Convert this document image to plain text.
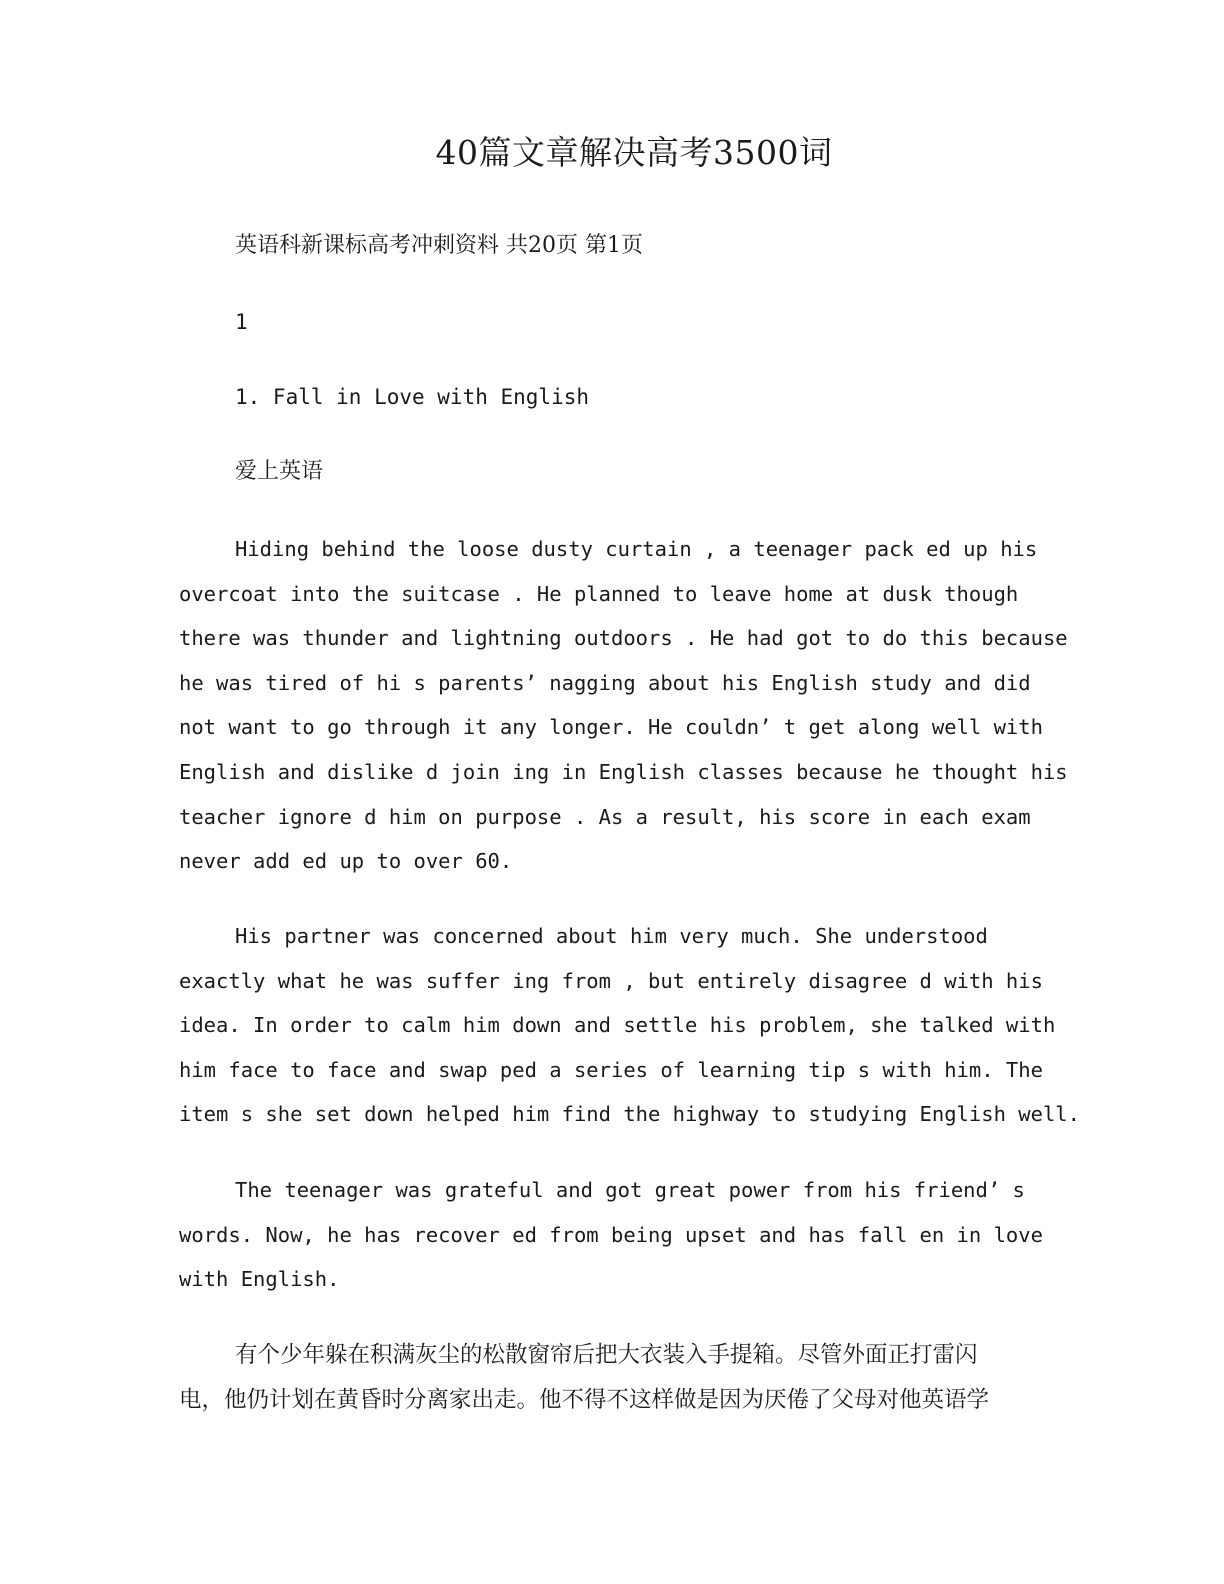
40篇文章解决高考3500词
英语科新课标高考冲刺资料 共20页 第1页
1
1. Fall in Love with English
爱上英语
Hiding behind the loose dusty curtain , a teenager pack ed up his
overcoat into the suitcase . He planned to leave home at dusk though
there was thunder and lightning outdoors . He had got to do this because
he was tired of hi s parents’ nagging about his English study and did
not want to go through it any longer. He couldn’ t get along well with
English and dislike d join ing in English classes because he thought his
teacher ignore d him on purpose . As a result, his score in each exam
never add ed up to over 60.
His partner was concerned about him very much. She understood
exactly what he was suffer ing from , but entirely disagree d with his
idea. In order to calm him down and settle his problem, she talked with
him face to face and swap ped a series of learning tip s with him. The
item s she set down helped him find the highway to studying English well.
The teenager was grateful and got great power from his friend’ s
words. Now, he has recover ed from being upset and has fall en in love
with English.
有个少年躲在积满灰尘的松散窗帘后把大衣装入手提箱。尽管外面正打雷闪
电，他仍计划在黄昏时分离家出走。他不得不这样做是因为厌倦了父母对他英语学
